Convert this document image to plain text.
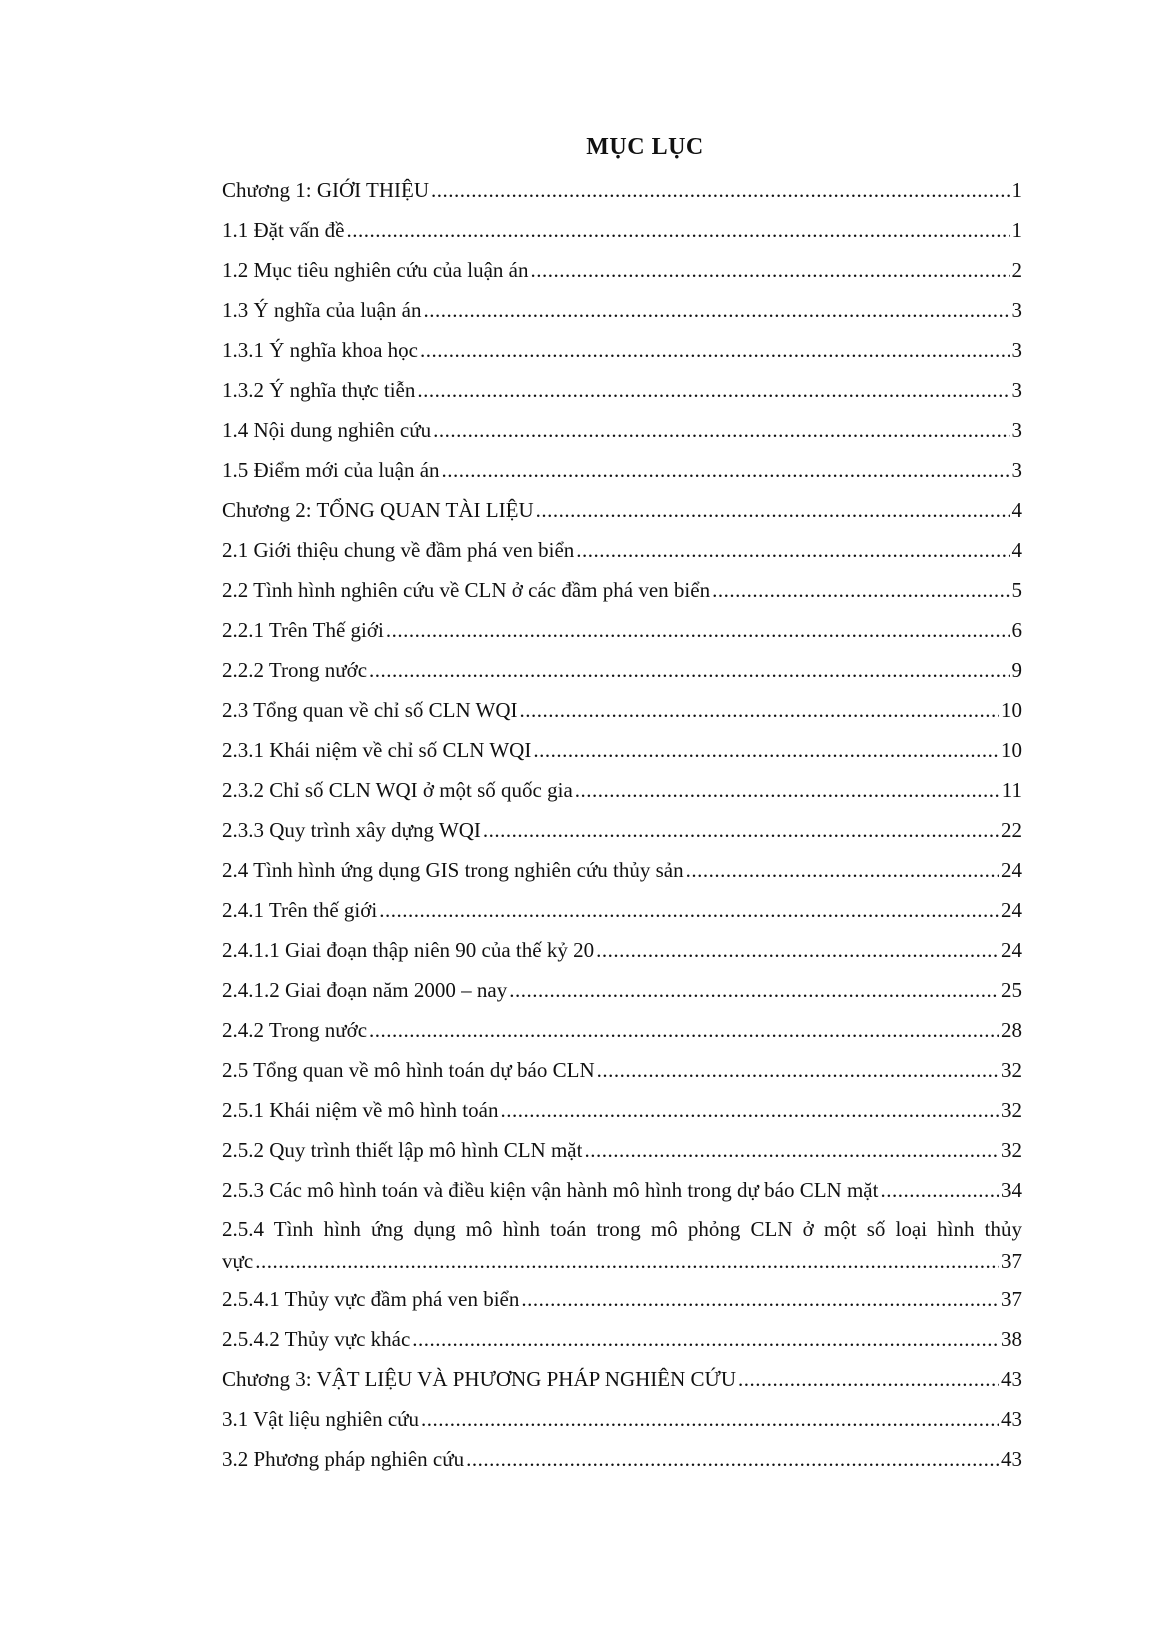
MỤC LỤC
Chương 1: GIỚI THIỆU .....	1
1.1 Đặt vấn đề .....	1
1.2 Mục tiêu nghiên cứu của luận án .....	2
1.3 Ý nghĩa của luận án .....	3
1.3.1 Ý nghĩa khoa học .....	3
1.3.2 Ý nghĩa thực tiễn .....	3
1.4 Nội dung nghiên cứu .....	3
1.5 Điểm mới của luận án .....	3
Chương 2: TỔNG QUAN TÀI LIỆU .....	4
2.1 Giới thiệu chung về đầm phá ven biển .....	4
2.2 Tình hình nghiên cứu về CLN ở các đầm phá ven biển .....	5
2.2.1 Trên Thế giới .....	6
2.2.2 Trong nước .....	9
2.3 Tổng quan về chỉ số CLN WQI .....	10
2.3.1 Khái niệm về chỉ số CLN WQI .....	10
2.3.2 Chỉ số CLN WQI ở một số quốc gia .....	11
2.3.3 Quy trình xây dựng WQI .....	22
2.4 Tình hình ứng dụng GIS trong nghiên cứu thủy sản .....	24
2.4.1 Trên thế giới .....	24
2.4.1.1 Giai đoạn thập niên 90 của thế kỷ 20 .....	24
2.4.1.2 Giai đoạn năm 2000 – nay .....	25
2.4.2 Trong nước .....	28
2.5 Tổng quan về mô hình toán dự báo CLN .....	32
2.5.1 Khái niệm về mô hình toán .....	32
2.5.2 Quy trình thiết lập mô hình CLN mặt .....	32
2.5.3 Các mô hình toán và điều kiện vận hành mô hình trong dự báo CLN mặt .....	34
2.5.4 Tình hình ứng dụng mô hình toán trong mô phỏng CLN ở một số loại hình thủy
vực .....	37
2.5.4.1 Thủy vực đầm phá ven biển .....	37
2.5.4.2 Thủy vực khác .....	38
Chương 3: VẬT LIỆU VÀ PHƯƠNG PHÁP NGHIÊN CỨU .....	43
3.1 Vật liệu nghiên cứu .....	43
3.2 Phương pháp nghiên cứu .....	43
